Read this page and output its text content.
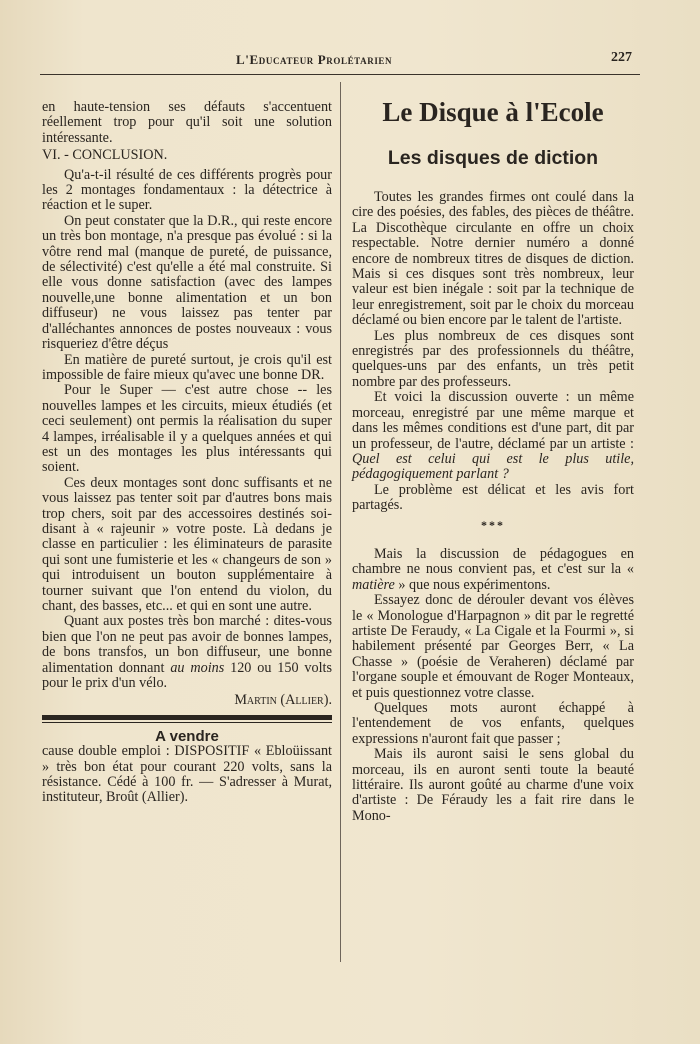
L'Educateur Prolétarien	227

en haute-tension ses défauts s'accentuent réellement trop pour qu'il soit une solution intéressante.

VI. - CONCLUSION.

Qu'a-t-il résulté de ces différents progrès pour les 2 montages fondamentaux : la détectrice à réaction et le super.

On peut constater que la D.R., qui reste encore un très bon montage, n'a presque pas évolué : si la vôtre rend mal (manque de pureté, de puissance, de sélectivité) c'est qu'elle a été mal construite. Si elle vous donne satisfaction (avec des lampes nouvelle,une bonne alimentation et un bon diffuseur) ne vous laissez pas tenter par d'alléchantes annonces de postes nouveaux : vous risqueriez d'être déçus

En matière de pureté surtout, je crois qu'il est impossible de faire mieux qu'avec une bonne DR.

Pour le Super — c'est autre chose -- les nouvelles lampes et les circuits, mieux étudiés (et ceci seulement) ont permis la réalisation du super 4 lampes, irréalisable il y a quelques années et qui est un des montages les plus intéressants qui soient.

Ces deux montages sont donc suffisants et ne vous laissez pas tenter soit par d'autres bons mais trop chers, soit par des accessoires destinés soi-disant à « rajeunir » votre poste. Là dedans je classe en particulier : les éliminateurs de parasite qui sont une fumisterie et les « changeurs de son » qui introduisent un bouton supplémentaire à tourner suivant que l'on entend du violon, du chant, des basses, etc... et qui en sont une autre.

Quant aux postes très bon marché : dites-vous bien que l'on ne peut pas avoir de bonnes lampes, de bons transfos, un bon diffuseur, une bonne alimentation donnant au moins 120 ou 150 volts pour le prix d'un vélo.

Martin (Allier).
A vendre

cause double emploi : DISPOSITIF « Ebloüissant » très bon état pour courant 220 volts, sans la résistance. Cédé à 100 fr. — S'adresser à Murat, instituteur, Broût (Allier).

Le Disque à l'Ecole
Les disques de diction

Toutes les grandes firmes ont coulé dans la cire des poésies, des fables, des pièces de théâtre. La Discothèque circulante en offre un choix respectable. Notre dernier numéro a donné encore de nombreux titres de disques de diction. Mais si ces disques sont très nombreux, leur valeur est bien inégale : soit par la technique de leur enregistrement, soit par le choix du morceau déclamé ou bien encore par le talent de l'artiste.

Les plus nombreux de ces disques sont enregistrés par des professionnels du théâtre, quelques-uns par des enfants, un très petit nombre par des professeurs.

Et voici la discussion ouverte : un même morceau, enregistré par une même marque et dans les mêmes conditions est d'une part, dit par un professeur, de l'autre, déclamé par un artiste : Quel est celui qui est le plus utile, pédagogiquement parlant ?

Le problème est délicat et les avis fort partagés.

***

Mais la discussion de pédagogues en chambre ne nous convient pas, et c'est sur la « matière » que nous expérimentons.

Essayez donc de dérouler devant vos élèves le « Monologue d'Harpagnon » dit par le regretté artiste De Feraudy, « La Cigale et la Fourmi », si habilement présenté par Georges Berr, « La Chasse » (poésie de Veraheren) déclamé par l'organe souple et émouvant de Roger Monteaux, et puis questionnez votre classe.

Quelques mots auront échappé à l'entendement de vos enfants, quelques expressions n'auront fait que passer ;

Mais ils auront saisi le sens global du morceau, ils en auront senti toute la beauté littéraire. Ils auront goûté au charme d'une voix d'artiste : De Féraudy les a fait rire dans le Mono-
